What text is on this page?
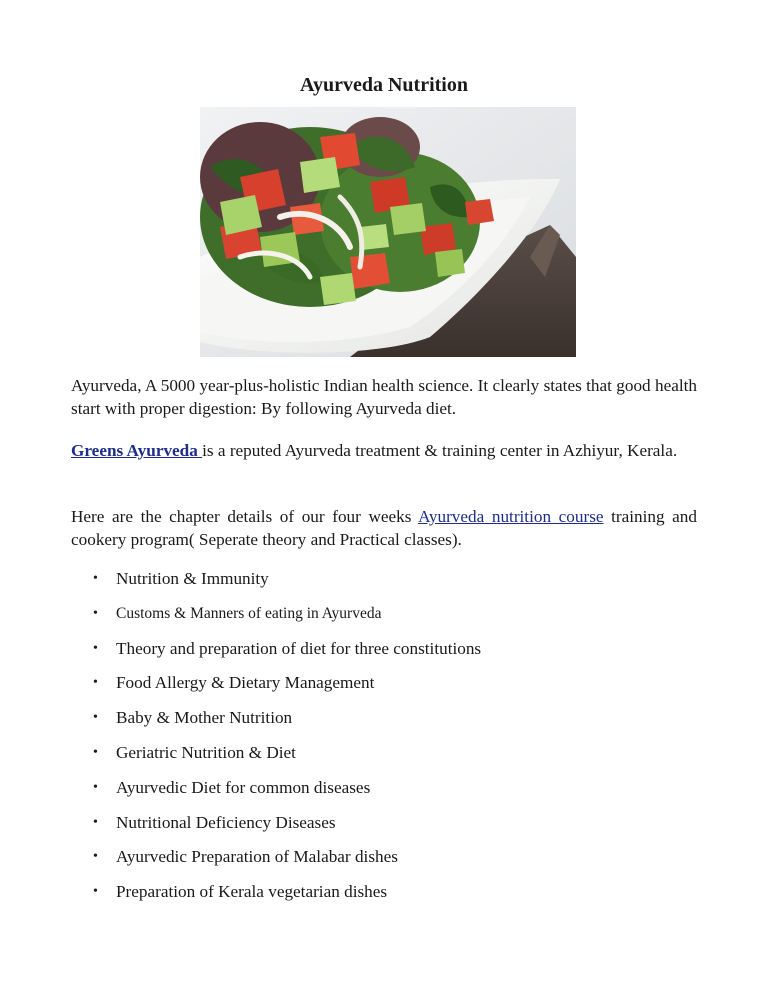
Ayurveda Nutrition

Ayurveda, A 5000 year-plus-holistic Indian health science. It clearly states that good health start with proper digestion: By following Ayurveda diet.

Greens Ayurveda is a reputed Ayurveda treatment & training center in Azhiyur, Kerala.

Here are the chapter details of our four weeks Ayurveda nutrition course training and cookery program( Seperate theory and Practical classes).

• Nutrition & Immunity
• Customs & Manners of eating in Ayurveda
• Theory and preparation of diet for three constitutions
• Food Allergy & Dietary Management
• Baby & Mother Nutrition
• Geriatric Nutrition & Diet
• Ayurvedic Diet for common diseases
• Nutritional Deficiency Diseases
• Ayurvedic Preparation of Malabar dishes
• Preparation of Kerala vegetarian dishes
